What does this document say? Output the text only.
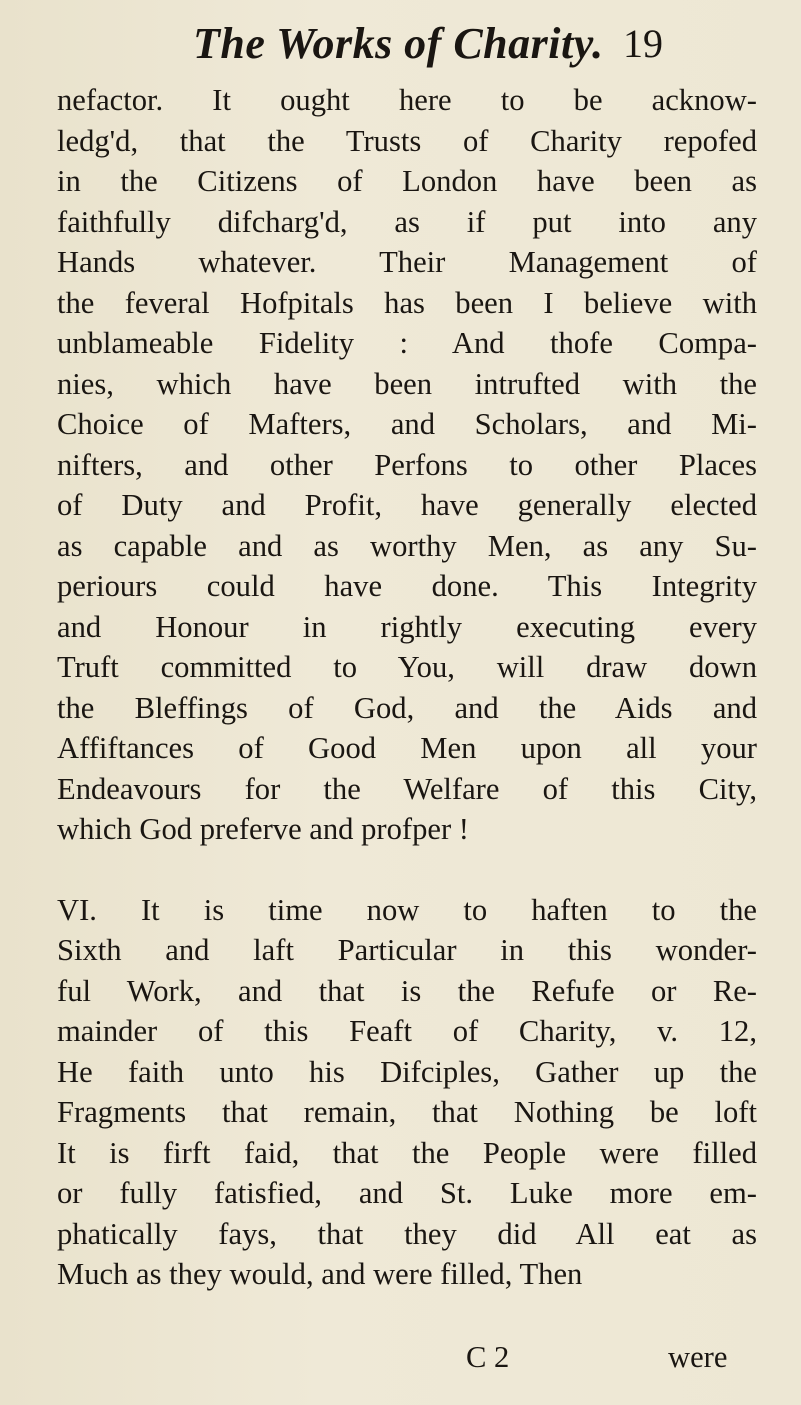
The Works of Charity. 19
nefactor. It ought here to be acknow-
ledg'd, that the Trusts of Charity repofed
in the Citizens of London have been as
faithfully difcharg'd, as if put into any
Hands whatever. Their Management of
the feveral Hofpitals has been I believe with
unblameable Fidelity : And thofe Compa-
nies, which have been intrufted with the
Choice of Mafters, and Scholars, and Mi-
nifters, and other Perfons to other Places
of Duty and Profit, have generally elected
as capable and as worthy Men, as any Su-
periours could have done. This Integrity
and Honour in rightly executing every
Truft committed to You, will draw down
the Bleffings of God, and the Aids and
Affiftances of Good Men upon all your
Endeavours for the Welfare of this City,
which God preferve and profper !
VI. It is time now to haften to the
Sixth and laft Particular in this wonder-
ful Work, and that is the Refufe or Re-
mainder of this Feaft of Charity, v. 12,
He faith unto his Difciples, Gather up the
Fragments that remain, that Nothing be loft
It is firft faid, that the People were filled
or fully fatisfied, and St. Luke more em-
phatically fays, that they did All eat as
Much as they would, and were filled, Then
C 2	were
